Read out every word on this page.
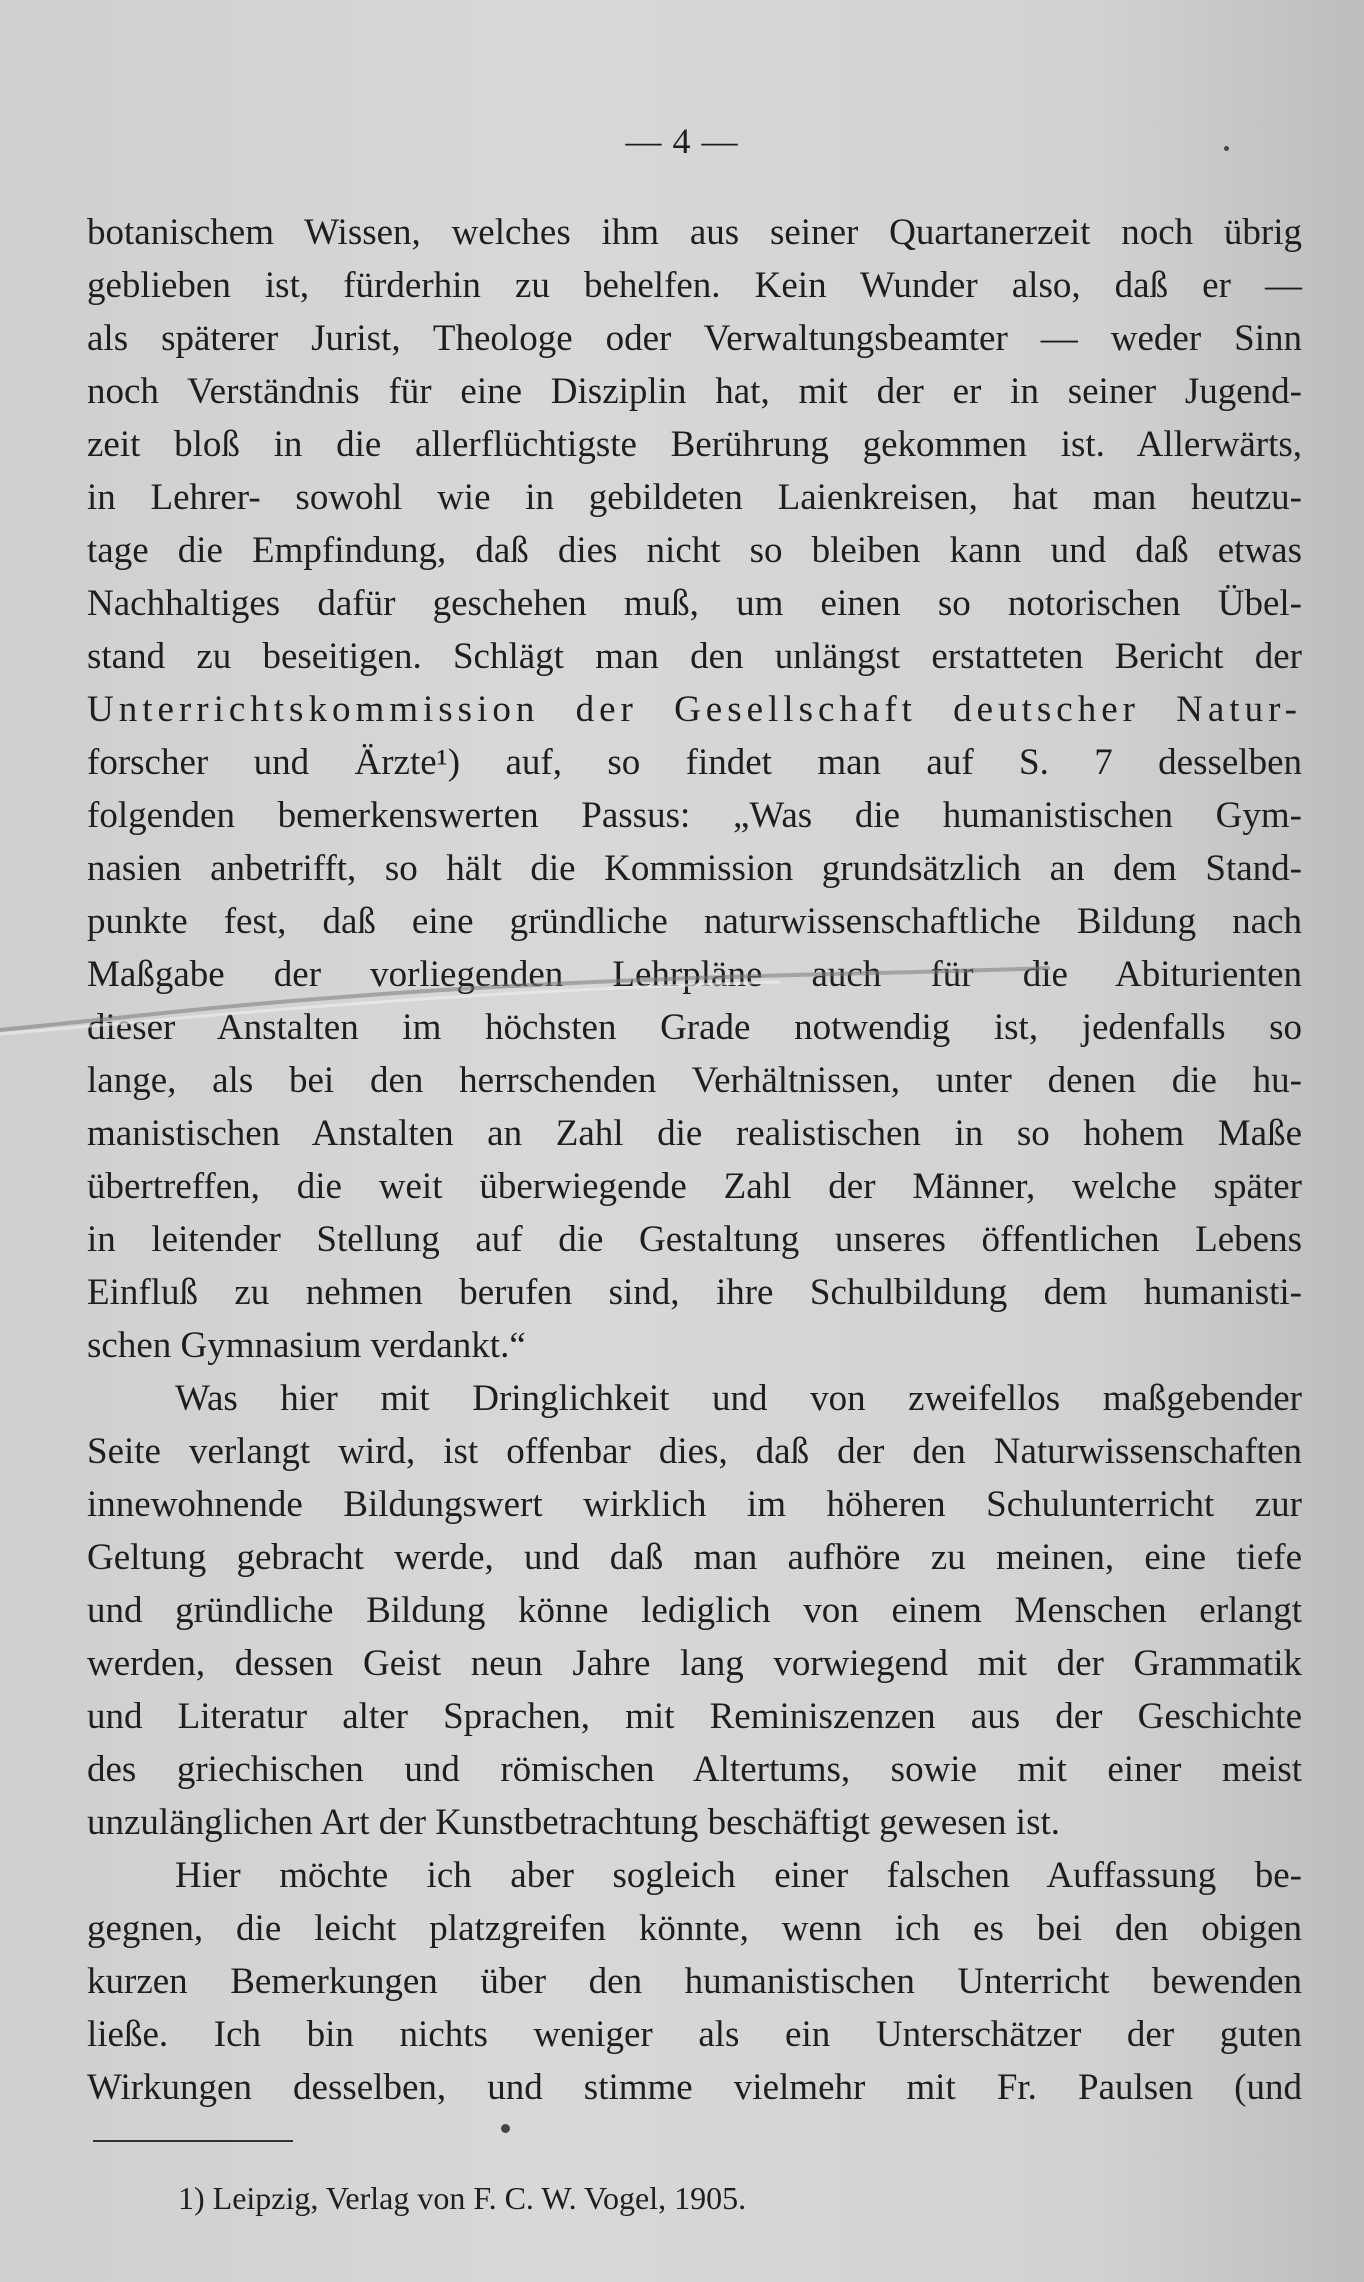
— 4 —
botanischem Wissen, welches ihm aus seiner Quartanerzeit noch übrig
geblieben ist, fürderhin zu behelfen. Kein Wunder also, daß er —
als späterer Jurist, Theologe oder Verwaltungsbeamter — weder Sinn
noch Verständnis für eine Disziplin hat, mit der er in seiner Jugend-
zeit bloß in die allerflüchtigste Berührung gekommen ist. Allerwärts,
in Lehrer- sowohl wie in gebildeten Laienkreisen, hat man heutzu-
tage die Empfindung, daß dies nicht so bleiben kann und daß etwas
Nachhaltiges dafür geschehen muß, um einen so notorischen Übel-
stand zu beseitigen. Schlägt man den unlängst erstatteten Bericht der
Unterrichtskommission der Gesellschaft deutscher Natur-
forscher und Ärzte¹) auf, so findet man auf S. 7 desselben
folgenden bemerkenswerten Passus: „Was die humanistischen Gym-
nasien anbetrifft, so hält die Kommission grundsätzlich an dem Stand-
punkte fest, daß eine gründliche naturwissenschaftliche Bildung nach
Maßgabe der vorliegenden Lehrpläne auch für die Abiturienten
dieser Anstalten im höchsten Grade notwendig ist, jedenfalls so
lange, als bei den herrschenden Verhältnissen, unter denen die hu-
manistischen Anstalten an Zahl die realistischen in so hohem Maße
übertreffen, die weit überwiegende Zahl der Männer, welche später
in leitender Stellung auf die Gestaltung unseres öffentlichen Lebens
Einfluß zu nehmen berufen sind, ihre Schulbildung dem humanisti-
schen Gymnasium verdankt.“
Was hier mit Dringlichkeit und von zweifellos maßgebender
Seite verlangt wird, ist offenbar dies, daß der den Naturwissenschaften
innewohnende Bildungswert wirklich im höheren Schulunterricht zur
Geltung gebracht werde, und daß man aufhöre zu meinen, eine tiefe
und gründliche Bildung könne lediglich von einem Menschen erlangt
werden, dessen Geist neun Jahre lang vorwiegend mit der Grammatik
und Literatur alter Sprachen, mit Reminiszenzen aus der Geschichte
des griechischen und römischen Altertums, sowie mit einer meist
unzulänglichen Art der Kunstbetrachtung beschäftigt gewesen ist.
Hier möchte ich aber sogleich einer falschen Auffassung be-
gegnen, die leicht platzgreifen könnte, wenn ich es bei den obigen
kurzen Bemerkungen über den humanistischen Unterricht bewenden
ließe. Ich bin nichts weniger als ein Unterschätzer der guten
Wirkungen desselben, und stimme vielmehr mit Fr. Paulsen (und
1) Leipzig, Verlag von F. C. W. Vogel, 1905.
